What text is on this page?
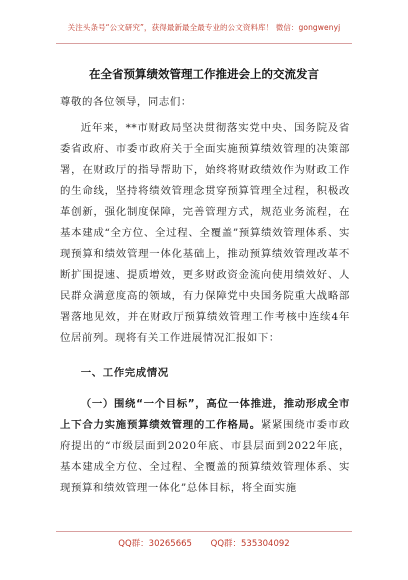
关注头条号“公文研究”，获得最新最全最专业的公文资料库！ 微信：gongwenyj
在全省预算绩效管理工作推进会上的交流发言

尊敬的各位领导，同志们：

近年来，**市财政局坚决贯彻落实党中央、国务院及省委省政府、市委市政府关于全面实施预算绩效管理的决策部署，在财政厅的指导帮助下，始终将财政绩效作为财政工作的生命线，坚持将绩效管理念贯穿预算管理全过程，积极改革创新，强化制度保障，完善管理方式，规范业务流程，在基本建成“全方位、全过程、全覆盖”预算绩效管理体系、实现预算和绩效管理一体化基础上，推动预算绩效管理改革不断扩围提速、提质增效，更多财政资金流向使用绩效好、人民群众满意度高的领域，有力保障党中央国务院重大战略部署落地见效，并在财政厅预算绩效管理工作考核中连续4年位居前列。现将有关工作进展情况汇报如下：

一、工作完成情况

（一）围绕“一个目标”，高位一体推进，推动形成全市上下合力实施预算绩效管理的工作格局。紧紧围绕市委市政府提出的“市级层面到2020年底、市县层面到2022年底，基本建成全方位、全过程、全覆盖的预算绩效管理体系、实现预算和绩效管理一体化”总体目标，将全面实施

QQ群：30265665 QQ群：535304092
